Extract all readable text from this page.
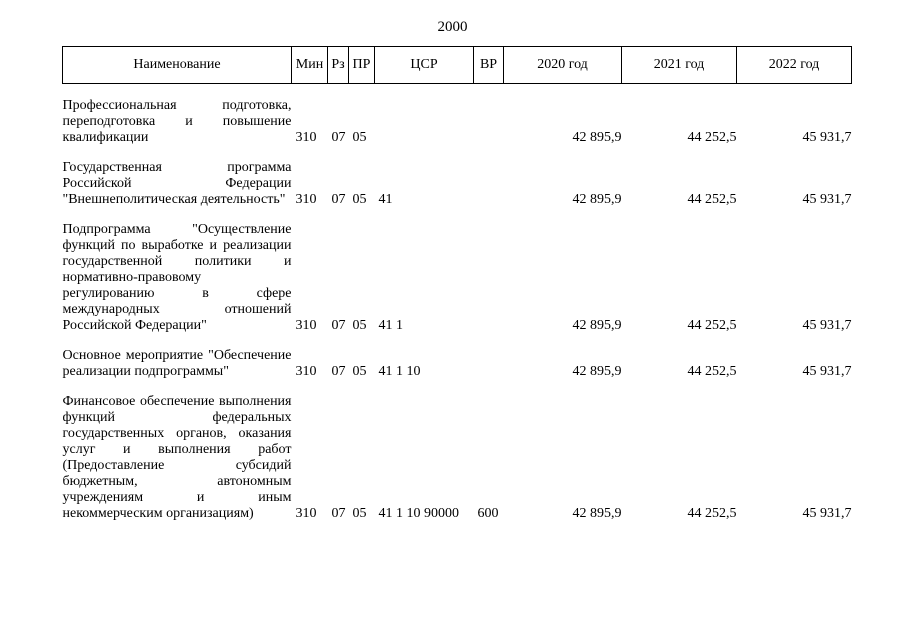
2000
Наименование	Мин	Рз	ПР	ЦСР	ВР	2020 год	2021 год	2022 год

Профессиональная подготовка, переподготовка и повышение квалификации	310	07	05			42 895,9	44 252,5	45 931,7

Государственная программа Российской Федерации "Внешнеполитическая деятельность"	310	07	05	41		42 895,9	44 252,5	45 931,7

Подпрограмма "Осуществление функций по выработке и реализации государственной политики и нормативно-правовому регулированию в сфере международных отношений Российской Федерации"	310	07	05	41 1		42 895,9	44 252,5	45 931,7

Основное мероприятие "Обеспечение реализации подпрограммы"	310	07	05	41 1 10		42 895,9	44 252,5	45 931,7

Финансовое обеспечение выполнения функций федеральных государственных органов, оказания услуг и выполнения работ (Предоставление субсидий бюджетным, автономным учреждениям и иным некоммерческим организациям)	310	07	05	41 1 10 90000	600	42 895,9	44 252,5	45 931,7
